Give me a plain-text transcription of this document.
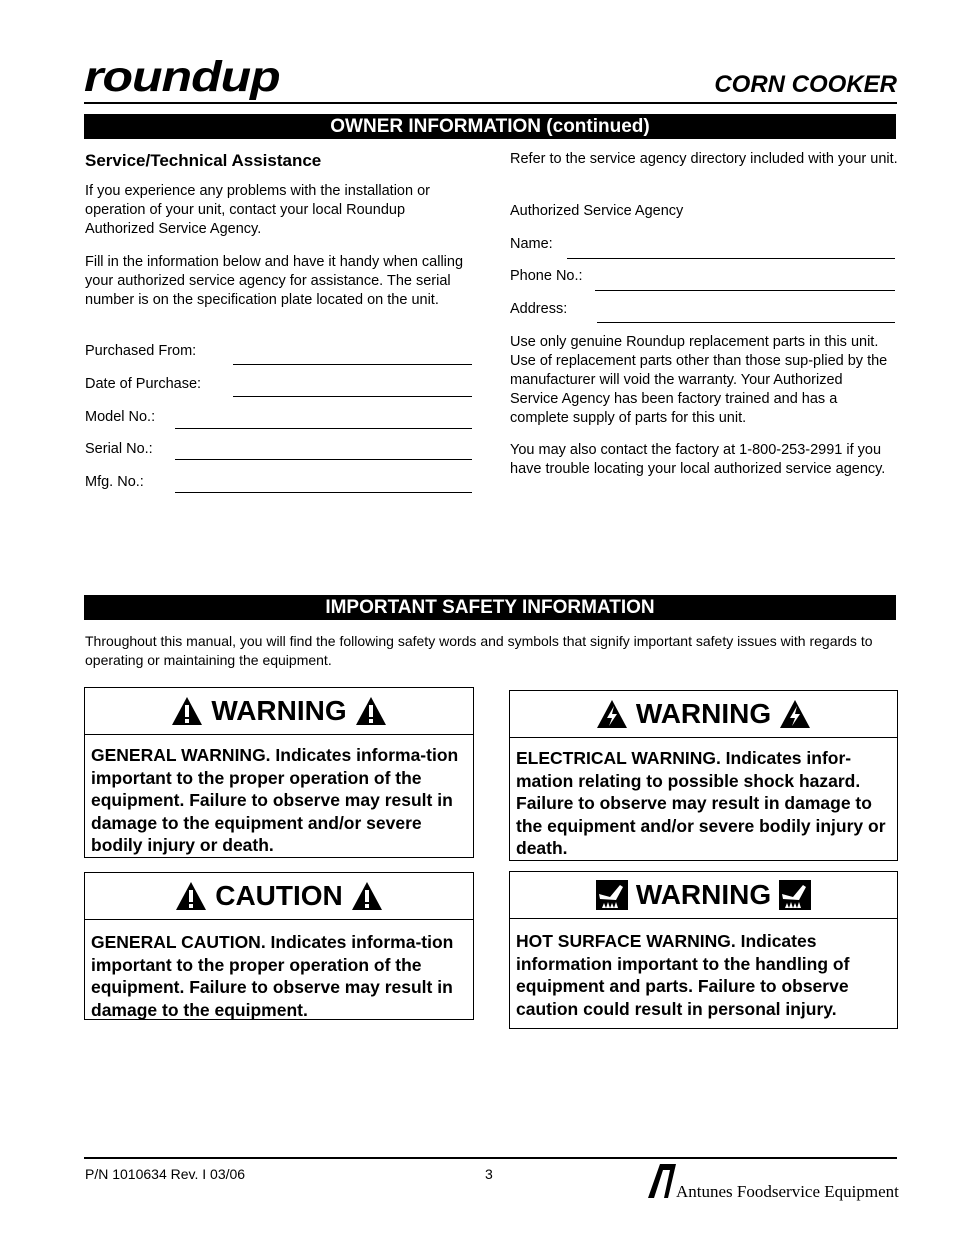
roundup	CORN COOKER
OWNER INFORMATION (continued)
Service/Technical Assistance
If you experience any problems with the installation or operation of your unit, contact your local Roundup Authorized Service Agency.
Fill in the information below and have it handy when calling your authorized service agency for assistance. The serial number is on the specification plate located on the unit.
Purchased From:
Date of Purchase:
Model No.:
Serial No.:
Mfg. No.:
Refer to the service agency directory included with your unit.
Authorized Service Agency
Name:
Phone No.:
Address:
Use only genuine Roundup replacement parts in this unit. Use of replacement parts other than those sup-plied by the manufacturer will void the warranty. Your Authorized Service Agency has been factory trained and has a complete supply of parts for this unit.
You may also contact the factory at 1-800-253-2991 if you have trouble locating your local authorized service agency.
IMPORTANT SAFETY INFORMATION
Throughout this manual, you will find the following safety words and symbols that signify important safety issues with regards to operating or maintaining the equipment.
WARNING
GENERAL WARNING. Indicates informa-tion important to the proper operation of the equipment. Failure to observe may result in damage to the equipment and/or severe bodily injury or death.
WARNING
ELECTRICAL WARNING. Indicates infor-mation relating to possible shock hazard. Failure to observe may result in damage to the equipment and/or severe bodily injury or death.
CAUTION
GENERAL CAUTION. Indicates informa-tion important to the proper operation of the equipment. Failure to observe may result in damage to the equipment.
WARNING
HOT SURFACE WARNING. Indicates information important to the handling of equipment and parts. Failure to observe caution could result in personal injury.
P/N 1010634 Rev. I 03/06	3
Antunes Foodservice Equipment
